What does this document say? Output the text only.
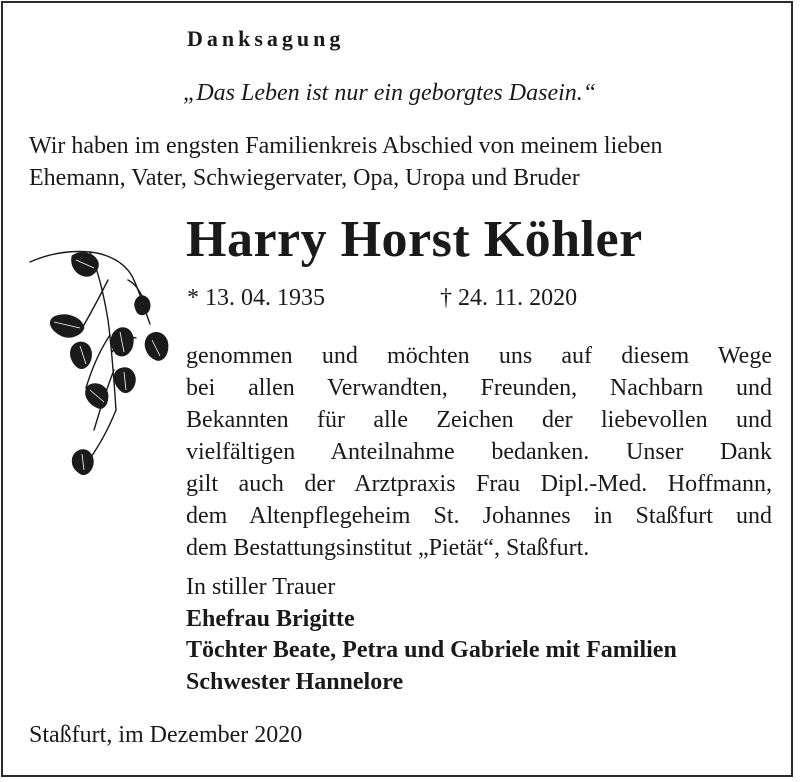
Danksagung
„Das Leben ist nur ein geborgtes Dasein.“
Wir haben im engsten Familienkreis Abschied von meinem lieben
Ehemann, Vater, Schwiegervater, Opa, Uropa und Bruder
Harry Horst Köhler
* 13. 04. 1935	† 24. 11. 2020
genommen und möchten uns auf diesem Wege
bei allen Verwandten, Freunden, Nachbarn und
Bekannten für alle Zeichen der liebevollen und
vielfältigen Anteilnahme bedanken. Unser Dank
gilt auch der Arztpraxis Frau Dipl.-Med. Hoffmann,
dem Altenpflegeheim St. Johannes in Staßfurt und
dem Bestattungsinstitut „Pietät“, Staßfurt.
In stiller Trauer
Ehefrau Brigitte
Töchter Beate, Petra und Gabriele mit Familien
Schwester Hannelore
Staßfurt, im Dezember 2020
